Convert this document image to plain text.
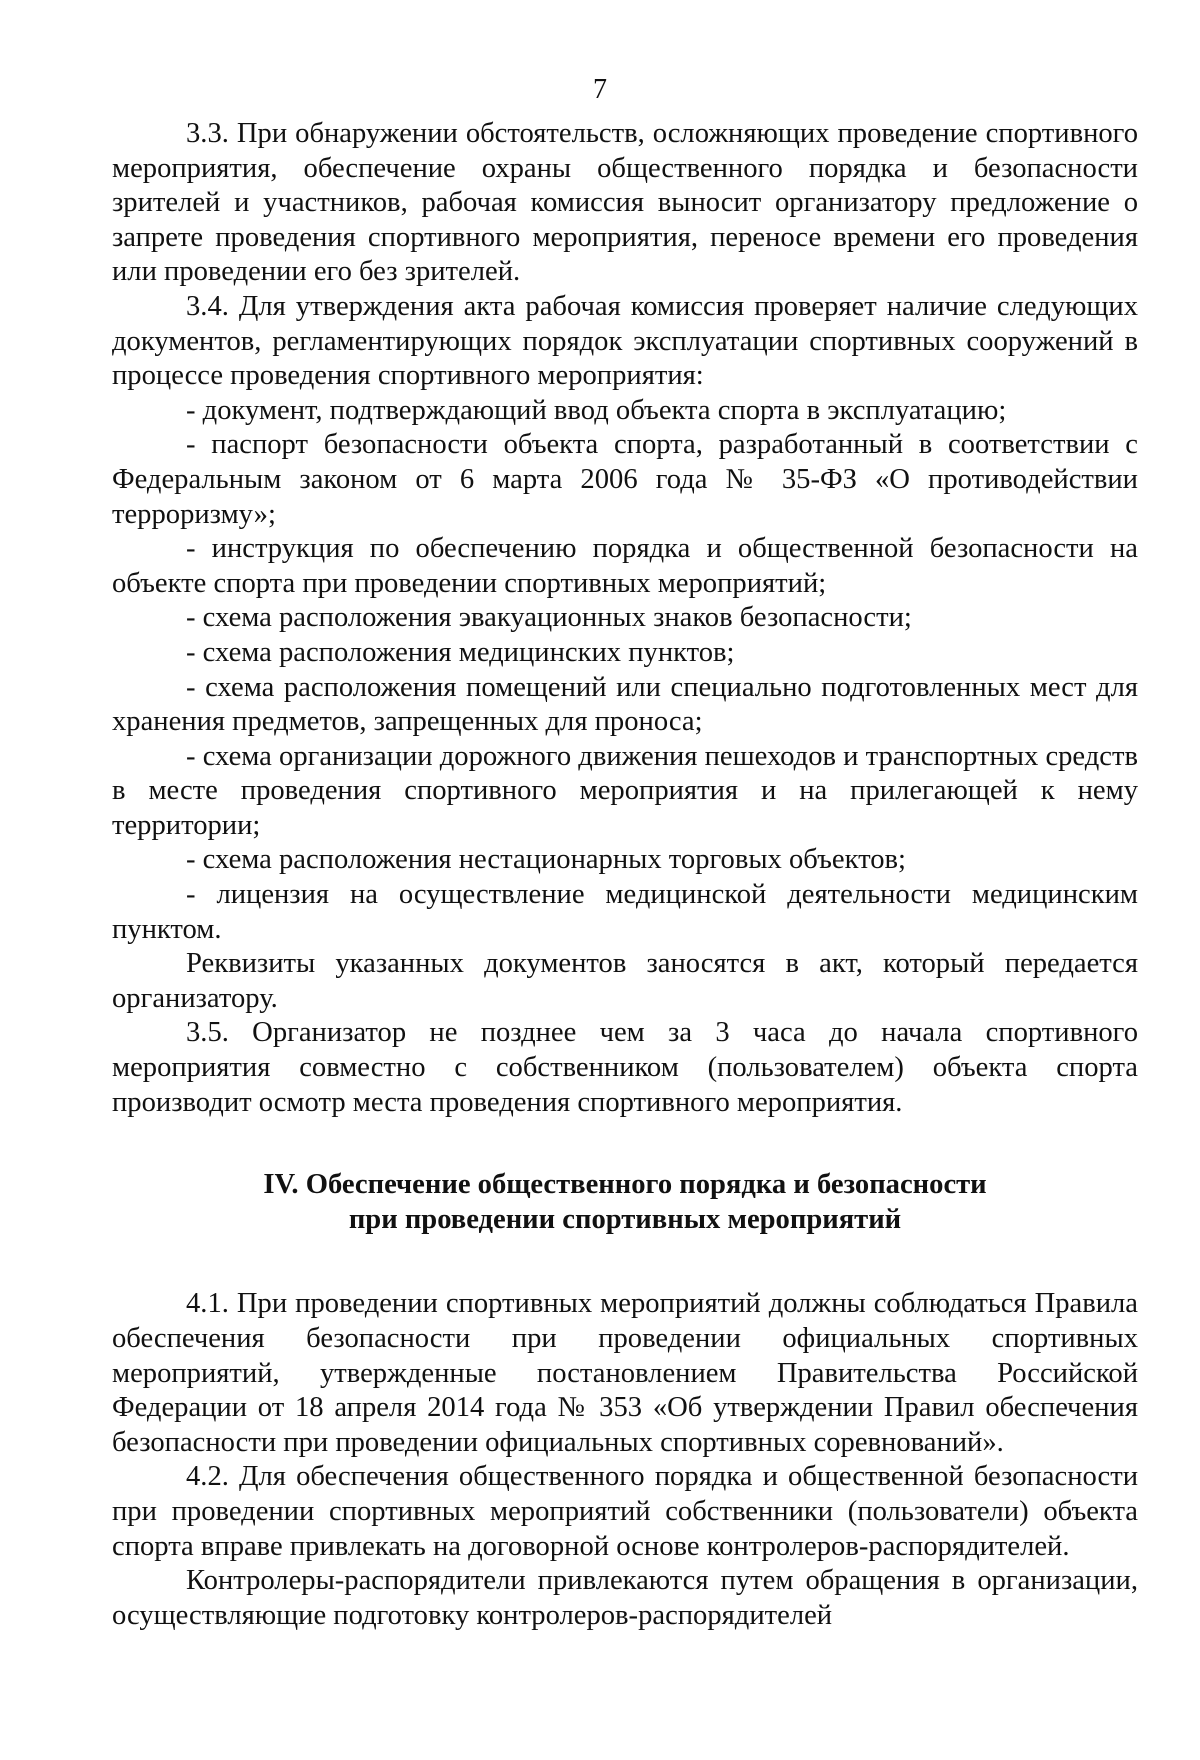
7

3.3. При обнаружении обстоятельств, осложняющих проведение спортивного мероприятия, обеспечение охраны общественного порядка и безопасности зрителей и участников, рабочая комиссия выносит организатору предложение о запрете проведения спортивного мероприятия, переносе времени его проведения или проведении его без зрителей.

3.4. Для утверждения акта рабочая комиссия проверяет наличие следующих документов, регламентирующих порядок эксплуатации спортивных сооружений в процессе проведения спортивного мероприятия:

- документ, подтверждающий ввод объекта спорта в эксплуатацию;

- паспорт безопасности объекта спорта, разработанный в соответствии с Федеральным законом от 6 марта 2006 года № 35-ФЗ «О противодействии терроризму»;

- инструкция по обеспечению порядка и общественной безопасности на объекте спорта при проведении спортивных мероприятий;

- схема расположения эвакуационных знаков безопасности;

- схема расположения медицинских пунктов;

- схема расположения помещений или специально подготовленных мест для хранения предметов, запрещенных для проноса;

- схема организации дорожного движения пешеходов и транспортных средств в месте проведения спортивного мероприятия и на прилегающей к нему территории;

- схема расположения нестационарных торговых объектов;

- лицензия на осуществление медицинской деятельности медицинским пунктом.

Реквизиты указанных документов заносятся в акт, который передается организатору.

3.5. Организатор не позднее чем за 3 часа до начала спортивного мероприятия совместно с собственником (пользователем) объекта спорта производит осмотр места проведения спортивного мероприятия.

IV. Обеспечение общественного порядка и безопасности

при проведении спортивных мероприятий

4.1. При проведении спортивных мероприятий должны соблюдаться Правила обеспечения безопасности при проведении официальных спортивных мероприятий, утвержденные постановлением Правительства Российской Федерации от 18 апреля 2014 года № 353 «Об утверждении Правил обеспечения безопасности при проведении официальных спортивных соревнований».

4.2. Для обеспечения общественного порядка и общественной безопасности при проведении спортивных мероприятий собственники (пользователи) объекта спорта вправе привлекать на договорной основе контролеров-распорядителей.

Контролеры-распорядители привлекаются путем обращения в организации, осуществляющие подготовку контролеров-распорядителей
